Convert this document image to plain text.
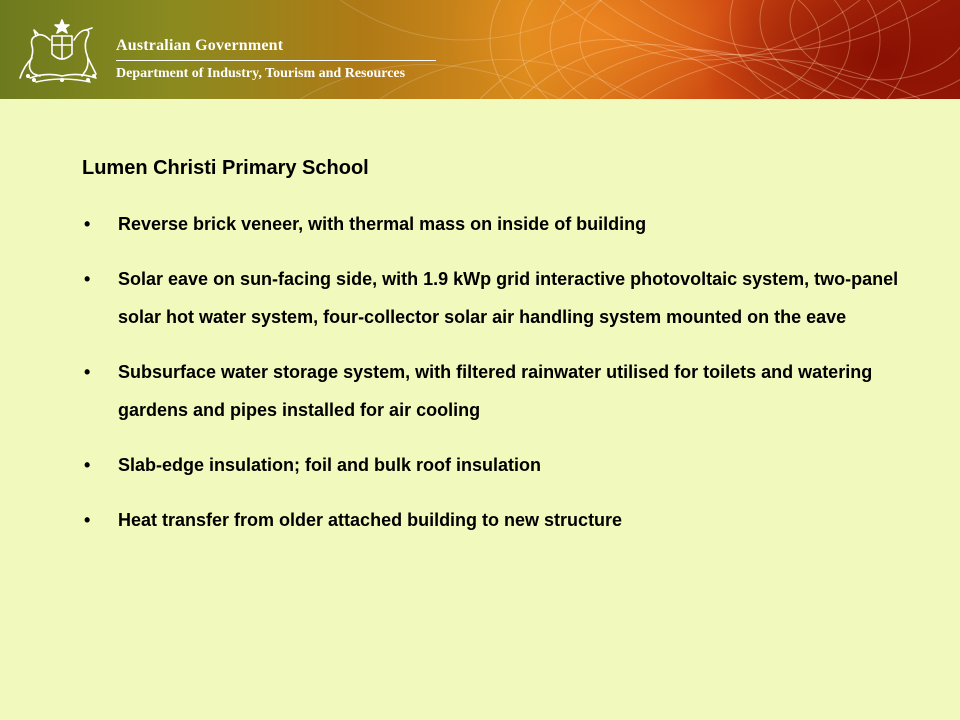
Australian Government
Department of Industry, Tourism and Resources
Lumen Christi Primary School
• Reverse brick veneer, with thermal mass on inside of building
• Solar eave on sun-facing side, with 1.9 kWp grid interactive photovoltaic system, two-panel solar hot water system, four-collector solar air handling system mounted on the eave
• Subsurface water storage system, with filtered rainwater utilised for toilets and watering gardens and pipes installed for air cooling
• Slab-edge insulation; foil and bulk roof insulation
• Heat transfer from older attached building to new structure
